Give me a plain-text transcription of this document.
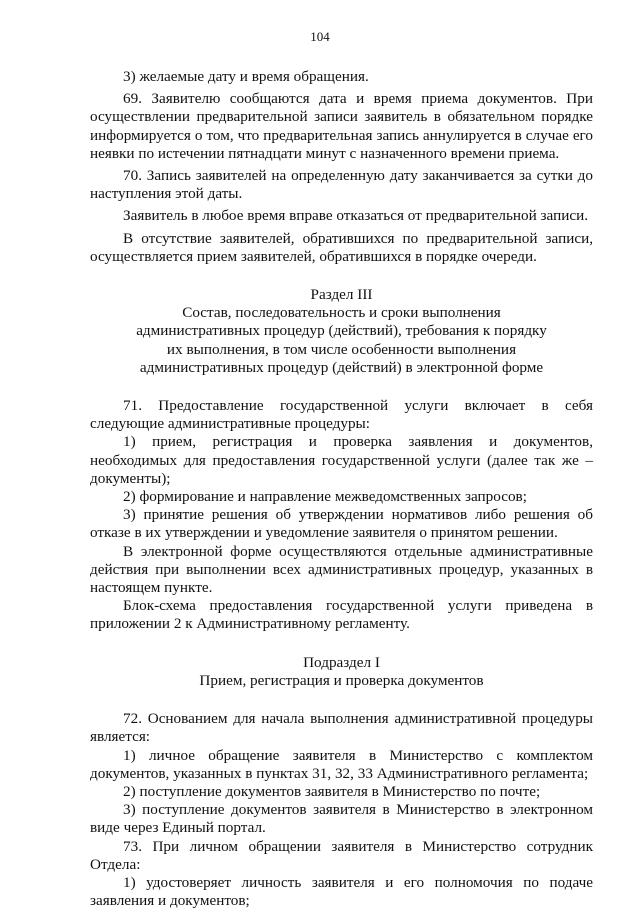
104

3) желаемые дату и время обращения.

69. Заявителю сообщаются дата и время приема документов. При осуществлении предварительной записи заявитель в обязательном порядке информируется о том, что предварительная запись аннулируется в случае его неявки по истечении пятнадцати минут с назначенного времени приема.

70. Запись заявителей на определенную дату заканчивается за сутки до наступления этой даты.

Заявитель в любое время вправе отказаться от предварительной записи.

В отсутствие заявителей, обратившихся по предварительной записи, осуществляется прием заявителей, обратившихся в порядке очереди.

Раздел III

Состав, последовательность и сроки выполнения

административных процедур (действий), требования к порядку

их выполнения, в том числе особенности выполнения

административных процедур (действий) в электронной форме

71. Предоставление государственной услуги включает в себя следующие административные процедуры:

1) прием, регистрация и проверка заявления и документов, необходимых для предоставления государственной услуги (далее так же – документы);

2) формирование и направление межведомственных запросов;

3) принятие решения об утверждении нормативов либо решения об отказе в их утверждении и уведомление заявителя о принятом решении.

В электронной форме осуществляются отдельные административные действия при выполнении всех административных процедур, указанных в настоящем пункте.

Блок-схема предоставления государственной услуги приведена в приложении 2 к Административному регламенту.

Подраздел I

Прием, регистрация и проверка документов

72. Основанием для начала выполнения административной процедуры является:

1) личное обращение заявителя в Министерство с комплектом документов, указанных в пунктах 31, 32, 33 Административного регламента;

2) поступление документов заявителя в Министерство по почте;

3) поступление документов заявителя в Министерство в электронном виде через Единый портал.

73. При личном обращении заявителя в Министерство сотрудник Отдела:

1) удостоверяет личность заявителя и его полномочия по подаче заявления и документов;
